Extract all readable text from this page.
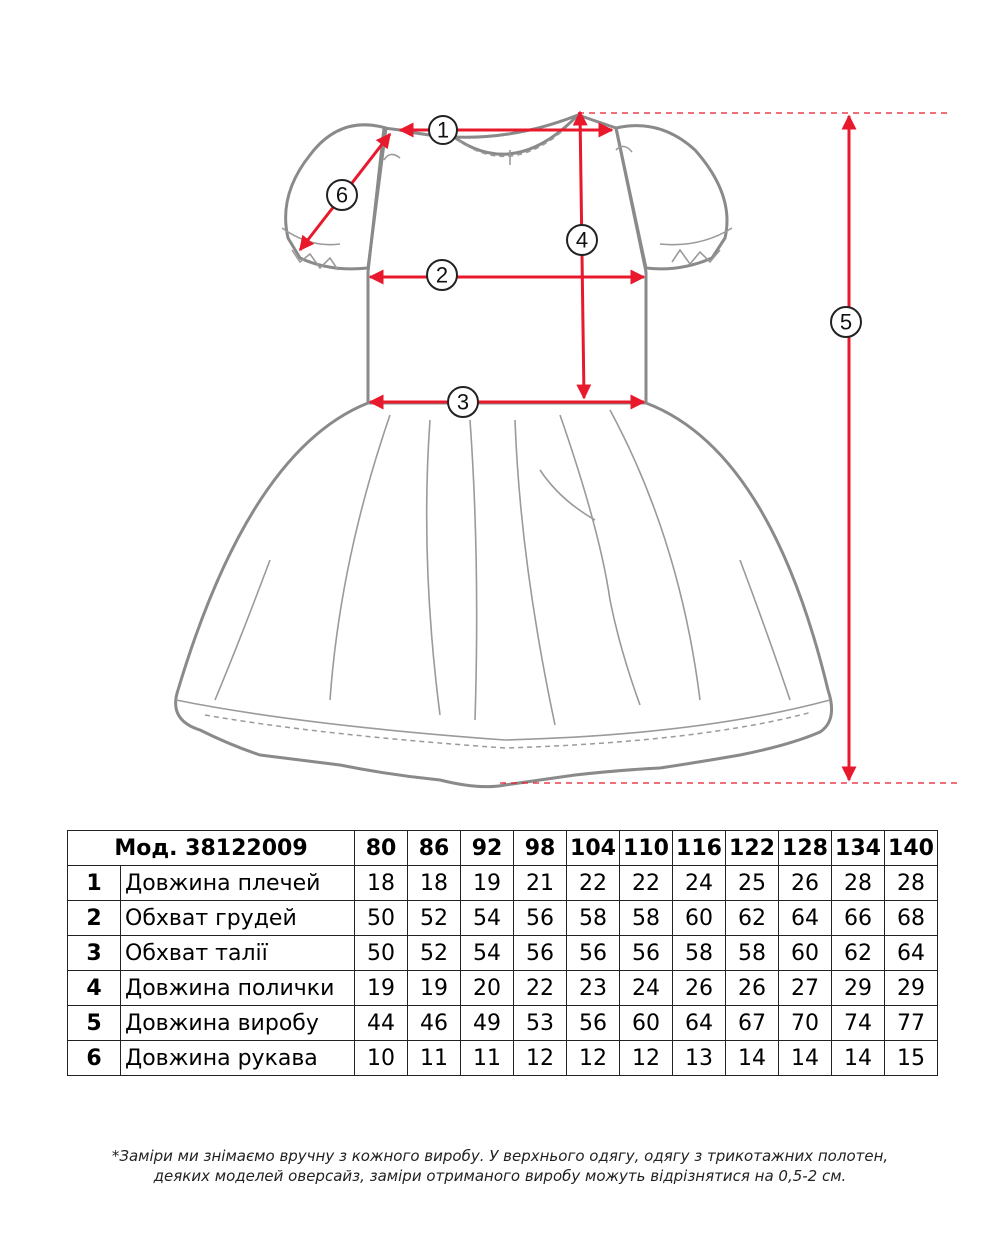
1
2
3
4
5
6
Мод. 38122009		80	86	92	98	104	110	116	122	128	134	140
1	Довжина плечей	18	18	19	21	22	22	24	25	26	28	28
2	Обхват грудей	50	52	54	56	58	58	60	62	64	66	68
3	Обхват талії	50	52	54	56	56	56	58	58	60	62	64
4	Довжина полички	19	19	20	22	23	24	26	26	27	29	29
5	Довжина виробу	44	46	49	53	56	60	64	67	70	74	77
6	Довжина рукава	10	11	11	12	12	12	13	14	14	14	15
*Заміри ми знімаємо вручну з кожного виробу. У верхнього одягу, одягу з трикотажних полотен,
деяких моделей оверсайз, заміри отриманого виробу можуть відрізнятися на 0,5-2 см.
